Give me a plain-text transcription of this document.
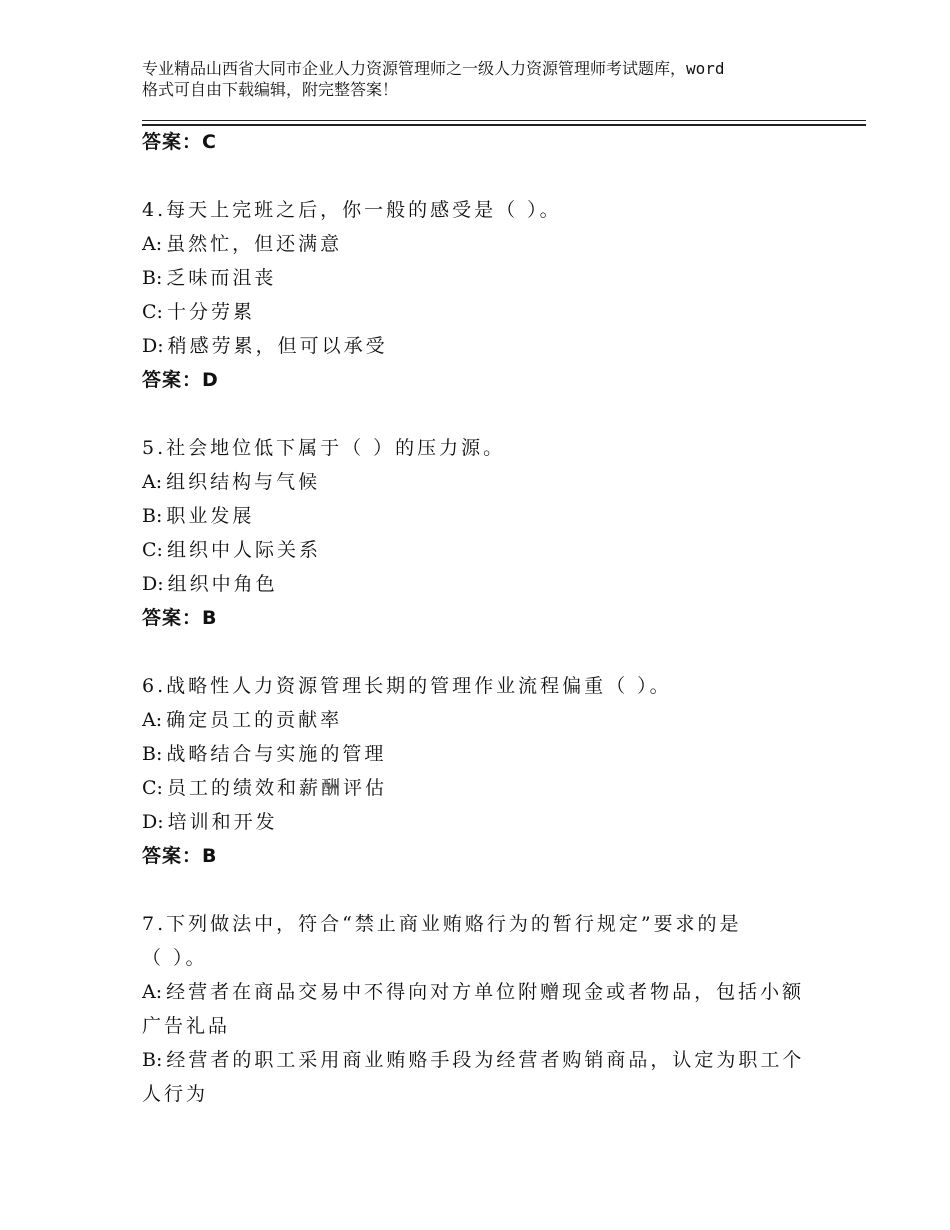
专业精品山西省大同市企业人力资源管理师之一级人力资源管理师考试题库，word
格式可自由下载编辑，附完整答案！
答案：C
4.每天上完班之后，你一般的感受是（ ）。
A: 虽然忙，但还满意
B: 乏味而沮丧
C: 十分劳累
D: 稍感劳累，但可以承受
答案：D
5.社会地位低下属于（ ）的压力源。
A: 组织结构与气候
B: 职业发展
C: 组织中人际关系
D: 组织中角色
答案：B
6.战略性人力资源管理长期的管理作业流程偏重（ ）。
A: 确定员工的贡献率
B: 战略结合与实施的管理
C: 员工的绩效和薪酬评估
D: 培训和开发
答案：B
7.下列做法中，符合“禁止商业贿赂行为的暂行规定”要求的是
（ ）。
A: 经营者在商品交易中不得向对方单位附赠现金或者物品，包括小额
广告礼品
B: 经营者的职工采用商业贿赂手段为经营者购销商品，认定为职工个
人行为
